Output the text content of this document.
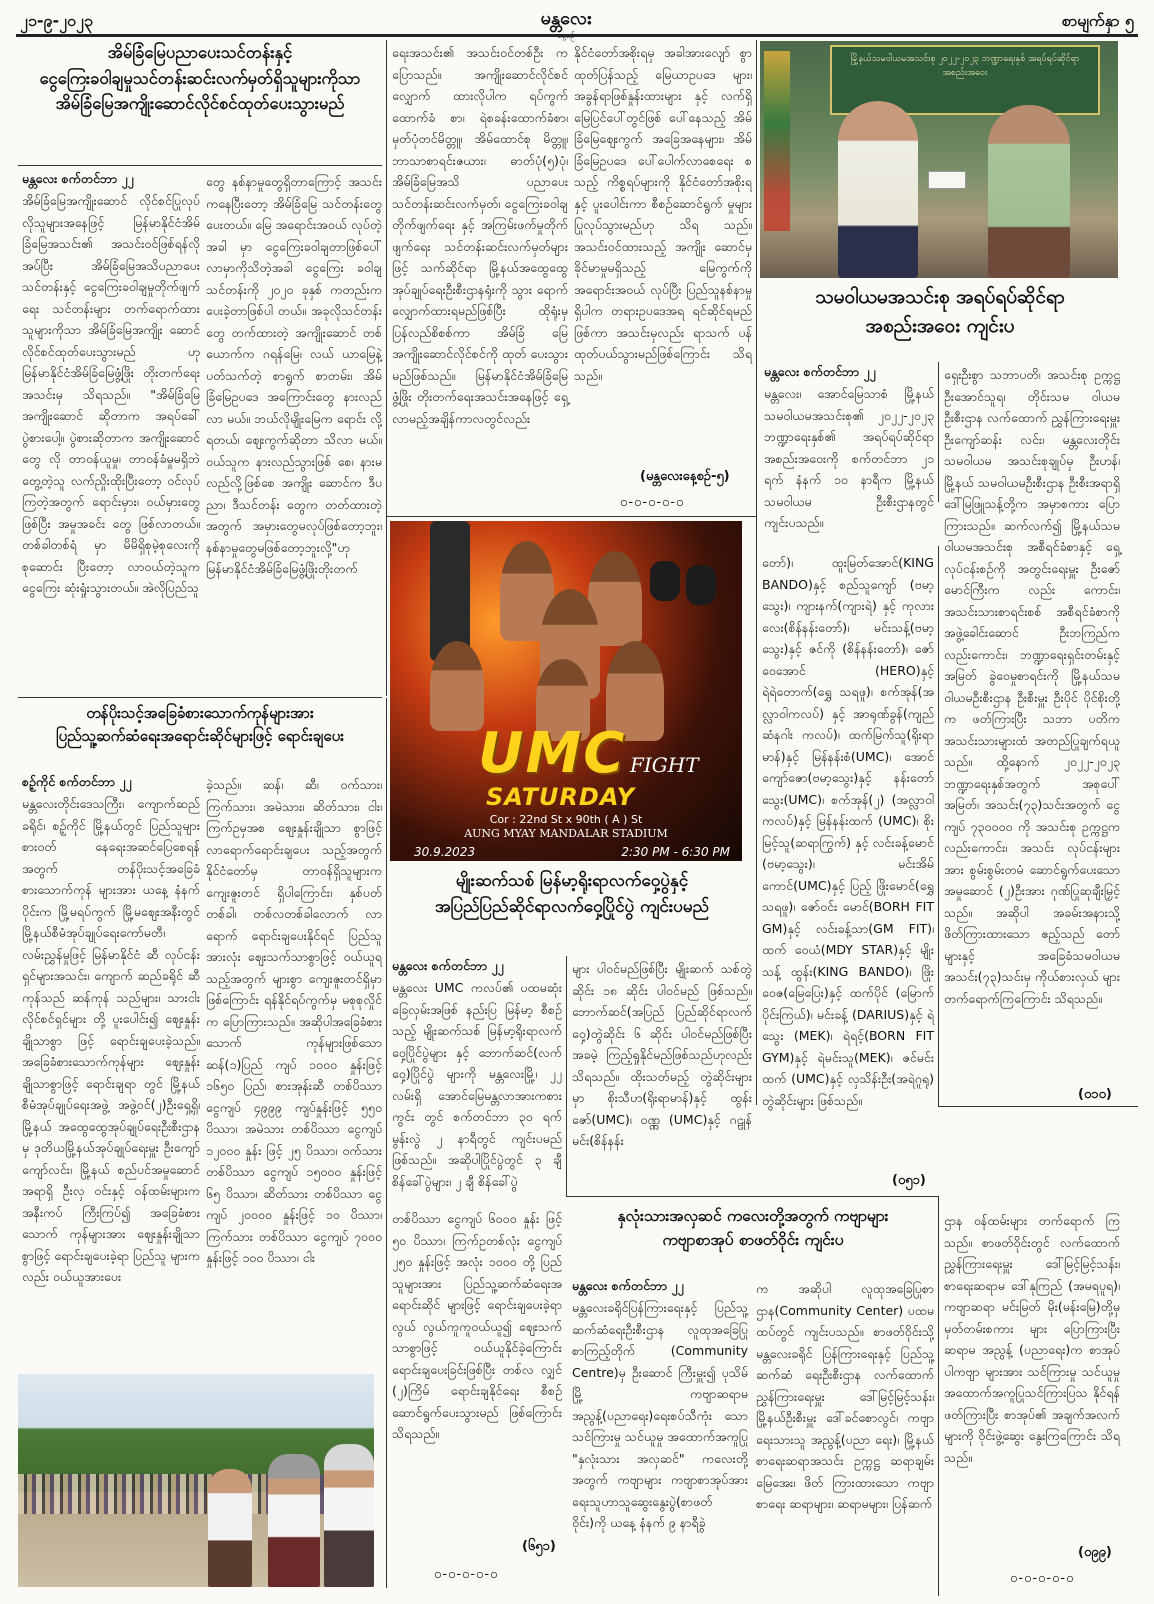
၂၁-၉-၂၀၂၃	မန္တလေး	စာမျက်နှာ ၅
အိမ်ခြံမြေပညာပေးသင်တန်းနှင့်
ငွေကြေးခဝါချမှုသင်တန်းဆင်းလက်မှတ်ရှိသူများကိုသာ
အိမ်ခြံမြေအကျိုးဆောင်လိုင်စင်ထုတ်ပေးသွားမည်
မန္တလေး စက်တင်ဘာ ၂၂
အိမ်ခြံမြေအကျိုးဆောင် လိုင်စင်ပြုလုပ်လိုသူများအနေဖြင့် မြန်မာနိုင်ငံအိမ်ခြံမြေအသင်း၏ အသင်းဝင်ဖြစ်ရန်လိုအပ်ပြီး အိမ်ခြံမြေအသိပညာပေးသင်တန်းနှင့် ငွေကြေးခဝါချမှုတိုက်ဖျက်ရေး သင်တန်းများ တက်ရောက်ထား သူများကိုသာ အိမ်ခြံမြေအကျိုး ဆောင်လိုင်စင်ထုတ်ပေးသွားမည် ဟု မြန်မာနိုင်ငံအိမ်ခြံမြေဖွံ့ဖြိုး တိုးတက်ရေးအသင်းမှ သိရသည်။ "အိမ်ခြံမြေအကျိုးဆောင် ဆိုတာက အရပ်ခေါ် ပွဲစားပေါ့။ ပွဲစားဆိုတာက အကျိုးဆောင်တွေ လို တာဝန်ယူမှု၊ တာဝန်ခံမှုမရှိဘဲ တွေ့တဲ့သူ လက်ညှိုးထိုးပြီးတော့ ဝင်လုပ်ကြတဲ့အတွက် ရောင်းမှား၊ ဝယ်မှားတွေဖြစ်ပြီး အမှုအခင်း တွေ ဖြစ်လာတယ်။ တစ်ခါတစ်ရံ မှာ မိမိရှိစုမဲ့စုလေးကို စုဆောင်း ပြီးတော့ လာဝယ်တဲ့သူက ငွေကြေး ဆုံးရှုံးသွားတယ်။ အဲလိုပြည်သူ
တွေ နစ်နာမှုတွေရှိတာကြောင့် အသင်းကနေပြီးတော့ အိမ်ခြံမြေ သင်တန်းတွေပေးတယ်။ မြေ အရောင်းအဝယ် လုပ်တဲ့အခါ မှာ ငွေကြေးခဝါချတာဖြစ်ပေါ် လာမှာကိုသိတဲ့အခါ ငွေကြေး ခဝါချသင်တန်းကို ၂၀၂၀ ခုနှစ် ကတည်းက ပေးခဲ့တာဖြစ်ပါ တယ်။ အခုလိုသင်တန်းတွေ တက်ထားတဲ့ အကျိုးဆောင် တစ်ယောက်က ဂရန်မြေ၊ လယ် ယာမြေနဲ့ ပတ်သက်တဲ့ စာရွက် စာတမ်း၊ အိမ်ခြံမြေဥပဒေ အကြောင်းတွေ နားလည်လာ မယ်။ ဘယ်လိုမျိုးမြေက ရောင်း လို့ရတယ်၊ ဈေးကွက်ဆိုတာ သိလာ မယ်။ ဝယ်သူက နားလည်သွားဖြစ် စေ၊ နားမလည်လို့ဖြစ်စေ အကျိုး ဆောင်က ဒီပညာ၊ ဒီသင်တန်း တွေက တတ်ထားတဲ့အတွက် အမှားတွေမလုပ်ဖြစ်တော့ဘူး၊ နစ်နာမှုတွေမဖြစ်တော့ဘူးလို့"ဟု မြန်မာနိုင်ငံအိမ်ခြံမြေဖွံ့ဖြိုးတိုးတက်
ရေးအသင်း၏ အသင်းဝင်တစ်ဦး က ပြောသည်။ အကျိုးဆောင်လိုင်စင် လျှောက် ထားလိုပါက ရပ်ကွက်ထောက်ခံ စာ၊ ရဲစခန်းထောက်ခံစာ၊ မှတ်ပုံတင်မိတ္တူ၊ အိမ်ထောင်စု မိတ္တူ၊ ဘာသာစာရင်းဇယား၊ ဓာတ်ပုံ(၅)ပုံ၊ အိမ်ခြံမြေအသိ ပညာပေးသင်တန်းဆင်းလက်မှတ်၊ ငွေကြေးခဝါချတိုက်ဖျက်ရေး နှင့် အကြမ်းဖက်မှုတိုက်ဖျက်ရေး သင်တန်းဆင်းလက်မှတ်များဖြင့် သက်ဆိုင်ရာ မြို့နယ်အထွေထွေ အုပ်ချုပ်ရေးဦးစီးဌာနရုံးကို သွား ရောက် လျှောက်ထားရမည်ဖြစ်ပြီး ထိုရုံးမှ ပြန်လည်စိစစ်ကာ အိမ်ခြံ မြေအကျိုးဆောင်လိုင်စင်ကို ထုတ် ပေးသွားမည်ဖြစ်သည်။ မြန်မာနိုင်ငံအိမ်ခြံမြေဖွံ့ဖြိုး တိုးတက်ရေးအသင်းအနေဖြင့် ရှေ့ လာမည့်အချိန်ကာလတွင်လည်း
နိုင်ငံတော်အစိုးရမှ အခါအားလျော် စွာ ထုတ်ပြန်သည့် မြေယာဥပဒေ များ၊ အခွန်ရာဖြစ်နှုန်းထားများ နှင့် လက်ရှိမြေပြင်ပေါ်တွင်ဖြစ် ပေါ်နေသည့် အိမ်ခြံမြေဈေးကွက် အခြေအနေများ၊ အိမ်ခြံမြေဥပဒေ ပေါ်ပေါက်လာစေရေး စသည့် ကိစ္စရပ်များကို နိုင်ငံတော်အစိုးရ နှင့် ပူးပေါင်းကာ စီစဉ်ဆောင်ရွက် မှုများ ပြုလုပ်သွားမည်ဟု သိရ သည်။ အသင်းဝင်ထားသည့် အကျိုး ဆောင်မှ ခိုင်မာမှုမရှိသည့် မြေကွက်ကို အရောင်းအဝယ် လုပ်ပြီး ပြည်သူနစ်နာမှုရှိပါက တရားဥပဒေအရ ရင်ဆိုင်ရမည် ဖြစ်ကာ အသင်းမှလည်း ရာသက် ပန်ထုတ်ပယ်သွားမည်ဖြစ်ကြောင်း သိရသည်။
(မန္တလေးနေ့စဉ်-၅)
၀-၀-၀-၀-၀
မြို့နယ်သမဝါယမအသင်းစု ၂၀၂၂-၂၀၂၃ ဘဏ္ဍာရေးနှစ် အရပ်ရပ်ဆိုင်ရာအစည်းအဝေး
သမဝါယမအသင်းစု အရပ်ရပ်ဆိုင်ရာ
အစည်းအဝေး ကျင်းပ
မန္တလေး စက်တင်ဘာ ၂၂
မန္တလေး၊ အောင်မြေသာစံ မြို့နယ် သမဝါယမအသင်းစု၏ ၂၀၂၂-၂၀၂၃ ဘဏ္ဍာရေးနှစ်၏ အရပ်ရပ်ဆိုင်ရာ အစည်းအဝေးကို စက်တင်ဘာ ၂၁ ရက် နံနက် ၁၀ နာရီက မြို့နယ်သမဝါယမ ဦးစီးဌာနတွင် ကျင်းပသည်။
ရှေးဦးစွာ သဘာပတိ၊ အသင်းစု ဥက္ကဋ္ဌ ဦးအောင်သူရ၊ တိုင်းသမ ဝါယမဦးစီးဌာန လက်ထောက် ညွှန်ကြားရေးမှူး ဦးကျော်ဆန်း လင်း၊ မန္တလေးတိုင်းသမဝါယမ အသင်းစုချုပ်မှ ဦးဟန်၊ မြို့နယ် သမဝါယမဦးစီးဌာန ဦးစီးအရာရှိ ဒေါ်မြဖြူသန့်တို့က အမှာစကား ပြောကြားသည်။ ဆက်လက်၍ မြို့နယ်သမ ဝါယမအသင်းစု အစီရင်ခံစာနှင့် ရှေ့လုပ်ငန်းစဉ်ကို အတွင်းရေးမှူး ဦးဇော်မောင်ကြီးက လည်း ကောင်း၊ အသင်းသားစာရင်းစစ် အစီရင်ခံစာကို အဖွဲ့ခေါင်းဆောင် ဦးဘကြည်က လည်းကောင်း၊ ဘဏ္ဍာရေးရှင်းတမ်းနှင့် အမြတ် ခွဲဝေမှုစာရင်းကို မြို့နယ်သမ ဝါယမဦးစီးဌာန ဦးစီးမှူး ဦးပိုင် ပိုင်စိုးတို့က ဖတ်ကြားပြီး သဘာ ပတိက အသင်းသားများထံ အတည်ပြုချက်ရယူသည်။ ထို့နောက် ၂၀၂၂-၂၀၂၃ ဘဏ္ဍာရေးနှစ်အတွက် အစုပေါ် အမြတ်၊ အသင်း(၇၃)သင်းအတွက် ငွေကျပ် ၇၃၀၀၀၀ ကို အသင်းစု ဥက္ကဋ္ဌက လည်းကောင်း၊ အသင်း လုပ်ငန်းများအား စွမ်းစွမ်းတမံ ဆောင်ရွက်ပေးသော အမှုဆောင် (၂)ဦးအား ဂုဏ်ပြုဆုချီးမြှင့် သည်။ အဆိုပါ အခမ်းအနားသို့ ဖိတ်ကြားထားသော ဧည့်သည် တော်များနှင့် အခြေခံသမဝါယမ အသင်း(၇၃)သင်းမှ ကိုယ်စားလှယ် များ တက်ရောက်ကြကြောင်း သိရသည်။
(၀၁၀)
တန်ပိုးသင့်အခြေခံစားသောက်ကုန်များအား
ပြည်သူ့ဆက်ဆံရေးအရောင်းဆိုင်များဖြင့် ရောင်းချပေး
စဉ့်ကိုင် စက်တင်ဘာ ၂၂
မန္တလေးတိုင်းဒေသကြီး၊ ကျောက်ဆည်ခရိုင်၊ စဉ့်ကိုင် မြို့နယ်တွင် ပြည်သူများ စားဝတ် နေရေးအဆင်ပြေစေရန်အတွက် တန်ပိုးသင့်အခြေခံစားသောက်ကုန် များအား ယနေ့ နံနက်ပိုင်းက မြို့မရပ်ကွက် မြို့မဈေးအနီးတွင် မြို့နယ်စီမံအုပ်ချုပ်ရေးကော်မတီ၊ လမ်းညွှန်မှုဖြင့် မြန်မာနိုင်ငံ ဆီ လုပ်ငန်းရှင်များအသင်း၊ ကျောက် ဆည်ခရိုင် ဆီကုန်သည် ဆန်ကုန် သည်များ၊ သားငါး လိုင်စင်ရှင်များ တို့ ပူးပေါင်း၍ ဈေးနှုန်းချိုသာစွာ ဖြင့် ရောင်းချပေးခဲ့သည်။ အခြေခံစားသောက်ကုန်များ ဈေးနှုန်းချိုသာစွာဖြင့် ရောင်းချရာ တွင် မြို့နယ်စီမံအုပ်ချုပ်ရေးအဖွဲ့ အဖွဲ့ဝင်(၂)ဦးရှေ့ရှိ၊ မြို့နယ် အထွေထွေအုပ်ချုပ်ရေးဦးစီးဌာန မှ ဒုတိယမြို့နယ်အုပ်ချုပ်ရေးမှူး ဦးကျော်ကျော်လင်း၊ မြို့နယ် စည်ပင်အမှုဆောင်အရာရှိ ဦးလှ ဝင်းနှင့် ဝန်ထမ်းများက အနီးကပ် ကြီးကြပ်၍ အခြေခံစားသောက် ကုန်များအား ဈေးနှုန်းချိုသာ စွာဖြင့် ရောင်းချပေးခဲ့ရာ ပြည်သူ များကလည်း ဝယ်ယူအားပေး
ခဲ့သည်။ ဆန်၊ ဆီ၊ ဝက်သား၊ ကြက်သား၊ အမဲသား၊ ဆိတ်သား၊ ငါး၊ ကြက်ဥမှအစ ဈေးနှုန်းချိုသာ စွာဖြင့် လာရောက်ရောင်းချပေး သည့်အတွက် နိုင်ငံတော်မှ တာဝန်ရှိသူများက ကျေးဇူးတင် ရှိပါကြောင်း၊ နှစ်ပတ်တစ်ခါ၊ တစ်လတစ်ခါလောက် လာရောက် ရောင်းချပေးနိုင်ရင် ပြည်သူ အားလုံး ဈေးသက်သာစွာဖြင့် ဝယ်ယူရသည့်အတွက် များစွာ ကျေးဇူးတင်ရှိမှာဖြစ်ကြောင်း ရန်နိုင်ရပ်ကွက်မှ မစုစုလှိုင်က ပြောကြားသည်။ အဆိုပါအခြေခံစားသောက် ကုန်များဖြစ်သော ဆန်(၁)ပြည် ကျပ် ၁၀၀၀ နှုန်းဖြင့် ၁၆၅၀ ပြည်၊ စားအုန်းဆီ တစ်ပိဿာ ငွေကျပ် ၄၉၉၉ ကျပ်နှုန်းဖြင့် ၅၅၀ ပိဿာ၊ အမဲသား တစ်ပိဿာ ငွေကျပ် ၁၂၀၀၀ နှုန်း ဖြင့် ၂၅ ပိဿာ၊ ဝက်သား တစ်ပိဿာ ငွေကျပ် ၁၅၀၀၀ နှုန်းဖြင့် ၆၅ ပိဿာ၊ ဆိတ်သား တစ်ပိဿာ ငွေကျပ် ၂၀၀၀၀ နှုန်းဖြင့် ၁၀ ပိဿာ၊ ကြက်သား တစ်ပိဿာ ငွေကျပ် ၇၀၀၀ နှုန်းဖြင့် ၁၀၀ ပိဿာ၊ ငါး
တစ်ပိဿာ ငွေကျပ် ၆၀၀၀ နှုန်း ဖြင့် ၅၀ ပိဿာ၊ ကြက်ဥတစ်လုံး ငွေကျပ် ၂၅၀ နှုန်းဖြင့် အလုံး ၁၀၀၀ တို့ ပြည်သူများအား ပြည်သူ့ဆက်ဆံရေးအရောင်းဆိုင် များဖြင့် ရောင်းချပေးခဲ့ရာ လွယ် လွယ်ကူကူဝယ်ယူ၍ ဈေးသက် သာစွာဖြင့် ဝယ်ယူနိုင်ခဲ့ကြောင်း ရောင်းချပေးခြင်းဖြစ်ပြီး တစ်လ လျှင် (၂)ကြိမ် ရောင်းချနိုင်ရေး စီစဉ်ဆောင်ရွက်ပေးသွားမည် ဖြစ်ကြောင်း သိရသည်။
(၆၅၁)
၀-၀-၀-၀-၀
UMC FIGHT
SATURDAY
Cor : 22nd St x 90th ( A ) St
AUNG MYAY MANDALAR STADIUM
30.9.2023	2:30 PM - 6:30 PM
မျိုးဆက်သစ် မြန်မာ့ရိုးရာလက်ဝှေ့ပွဲနှင့်
အပြည်ပြည်ဆိုင်ရာလက်ဝှေ့ပြိုင်ပွဲ ကျင်းပမည်
မန္တလေး စက်တင်ဘာ ၂၂
မန္တလေး UMC ကလပ်၏ ပထမဆုံးခြေလှမ်းအဖြစ် နည်းပြ မြန်မာ့ စီစဉ်သည့် မျိုးဆက်သစ် မြန်မာ့ရိုးရာလက်ဝှေ့ပြိုင်ပွဲများ နှင့် ဘောက်ဆင်(လက်ဝှေ့)ပြိုင်ပွဲ များကို မန္တလေးမြို့၊ ၂၂ လမ်းရှိ အောင်မြေမန္တလာအားကစားကွင်း တွင် စက်တင်ဘာ ၃၀ ရက် မွန်းလွဲ ၂ နာရီတွင် ကျင်းပမည် ဖြစ်သည်။ အဆိုပါပြိုင်ပွဲတွင် ၃ ချီ စိန်ခေါ်ပွဲများ၊ ၂ ချီ စိန်ခေါ်ပွဲ
များ ပါဝင်မည်ဖြစ်ပြီး မျိုးဆက် သစ်တွဲဆိုင်း ၁၈ ဆိုင်း ပါဝင်မည် ဖြစ်သည်။ ဘောက်ဆင်(အပြည် ပြည်ဆိုင်ရာလက်ဝှေ့)တွဲဆိုင်း ၆ ဆိုင်း ပါဝင်မည်ဖြစ်ပြီး အခမဲ့ ကြည့်ရှုနိုင်မည်ဖြစ်သည်ဟုလည်း သိရသည်။ ထိုးသတ်မည့် တွဲဆိုင်းများ မှာ စိုးသီဟ(ရိုးရာမာန်)နှင့် ထွန်းဇော်(UMC)၊ ဝဏ္ဏ (UMC)နှင့် ဂဠုန်မင်း(စိန်နန်း
တော်)၊ ထူးမြတ်အောင်(KING BANDO)နှင့် စည်သူကျော် (ဗမာ့သွေး)၊ ကျားနက်(ကျားရဲ) နှင့် ကုလားလေး(စိန်နန်းတော်)၊ မင်းသန့်(ဗမာ့သွေး)နှင့် ဇင်ကို (စိန်နန်းတော်)၊ ဇော်ဝေအောင် (HERO)နှင့် ရဲရဲတောက်(ရွှေ သရဖူ)၊ စက်အုန်(အလ္လာဝါကလပ်) နှင့် အာရုဏ်ခွန်(ကျည်ဆံနဂါး ကလပ်)၊ ထက်မြက်သူ(ရိုးရာ မာန်)နှင့် မြန်နန်းစံ(UMC)၊ အောင် ကျော်ဇော(ဗမာ့သွေး)နှင့် နန်းတော် သွေး(UMC)၊ စက်အုန်(၂) (အလ္လာဝါကလပ်)နှင့် မြန်နန်းထက် (UMC)၊ စိုးမြင့်သူ(ဆရာကြွက်) နှင့် လင်းခန့်မောင် (ဗမာ့သွေး)၊ မင်းအိမ်ကောင်(UMC)နှင့် ပြည့် ဖြိုးမောင်(ရွှေသရဖူ)၊ ဇော်ဝင်း မောင်(BORH FIT GM)နှင့် လင်းခန့်သာ(GM FIT)၊ ထက် ဝေယံ(MDY STAR)နှင့် မျိုးသန့် ထွန်း(KING BANDO)၊ ဖြိုး ဝေဇ(မြေပြေး)နှင့် ထက်ပိုင် (မြောက်ပိုင်းကြယ်)၊ မင်းခန့် (DARIUS)နှင့် ရဲသွေး (MEK)၊ ရဲရင့်(BORN FIT GYM)နှင့် ရဲမင်းသူ(MEK)၊ ဇင်မင်းထက် (UMC)နှင့် လှသိန်းဦး(အရဲဂူရု) တွဲဆိုင်းများ ဖြစ်သည်။
(၀၅၁)
နှလုံးသားအလှဆင် ကလေးတို့အတွက် ကဗျာများ
ကဗျာစာအုပ် စာဖတ်ဝိုင်း ကျင်းပ
မန္တလေး စက်တင်ဘာ ၂၂
မန္တလေးခရိုင်ပြန်ကြားရေးနှင့် ပြည်သူ့ဆက်ဆံရေးဦးစီးဌာန လူထုအခြေပြုစာကြည့်တိုက် (Community Centre)မှ ဦးဆောင် ကြီးမှူး၍ ပုသိမ်မြို့ ကဗျာဆရာမ အညွန့်(ပညာရေး)ရေးစပ်သီကုံး သော သင်ကြားမှု သင်ယူမှု အထောက်အကူပြု "နှလုံးသား အလှဆင်" ကလေးတို့အတွက် ကဗျာများ ကဗျာစာအုပ်အား ရေးသူဟာသူဆွေးနွေးပွဲ(စာဖတ် ဝိုင်း)ကို ယနေ့ နံနက် ၉ နာရီခွဲ
က အဆိုပါ လူထုအခြေပြုစာ ဌာန(Community Center) ပထမထပ်တွင် ကျင်းပသည်။ စာဖတ်ဝိုင်းသို့ မန္တလေးခရိုင် ပြန်ကြားရေးနှင့် ပြည်သူ့ဆက်ဆံ ရေးဦးစီးဌာန လက်ထောက် ညွှန်ကြားရေးမှူး ဒေါ်မြင့်မြင့်သန်း၊ မြို့နယ်ဦးစီးမှူး ဒေါ်ခင်စောလွင်၊ ကဗျာရေးသားသူ အညွန့်(ပညာ ရေး)၊ မြို့နယ်စာရေးဆရာအသင်း ဥက္ကဋ္ဌ ဆရာချမ်းမြေအေး၊ ဖိတ် ကြားထားသော ကဗျာစာရေး ဆရာများ၊ ဆရာမများ၊ ပြန်ဆက်
ဌာန ဝန်ထမ်းများ တက်ရောက် ကြသည်။ စာဖတ်ဝိုင်းတွင် လက်ထောက် ညွှန်ကြားရေးမှူး ဒေါ်မြင့်မြင့်သန်း၊ စာရေးဆရာမ ဒေါ်နုကြည် (အမရပူရ)၊ ကဗျာဆရာ မင်းမြတ် မိုး(မန်းမြေ)တို့မှ မှတ်တမ်းစကား များ ပြောကြားပြီး ဆရာမ အညွန့် (ပညာရေး)က စာအုပ်ပါကဗျာ များအား သင်ကြားမှု သင်ယူမှု အထောက်အကူပြုသင်ကြားပြသ နိုင်ရန် ဖတ်ကြားပြီး စာအုပ်၏ အချက်အလက်များကို ဝိုင်းဖွဲ့ဆွေး နွေးကြကြောင်း သိရသည်။
(၀၉၉)
၀-၀-၀-၀-၀
